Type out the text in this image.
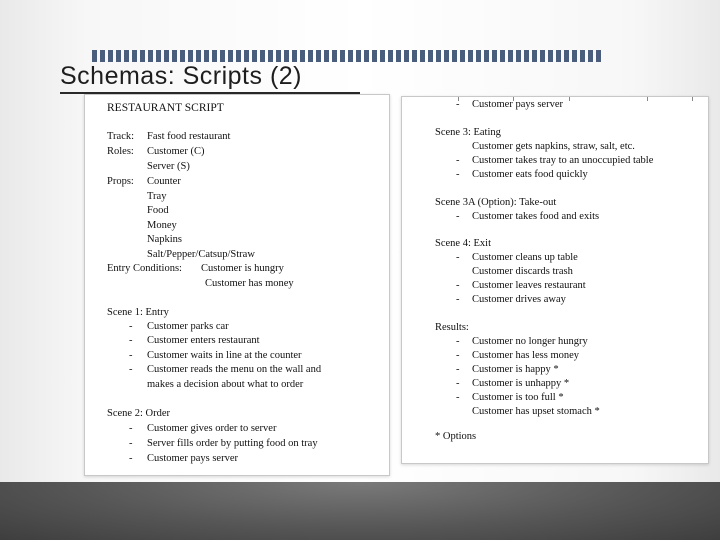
Schemas: Scripts (2)
RESTAURANT SCRIPT
Track: Fast food restaurant
Roles: Customer (C)
Server (S)
Props: Counter
Tray
Food
Money
Napkins
Salt/Pepper/Catsup/Straw
Entry Conditions: Customer is hungry
Customer has money
Scene 1: Entry
- Customer parks car
- Customer enters restaurant
- Customer waits in line at the counter
- Customer reads the menu on the wall and
makes a decision about what to order
Scene 2: Order
- Customer gives order to server
- Server fills order by putting food on tray
- Customer pays server
- Customer pays server
Scene 3: Eating
Customer gets napkins, straw, salt, etc.
- Customer takes tray to an unoccupied table
- Customer eats food quickly
Scene 3A (Option): Take-out
- Customer takes food and exits
Scene 4: Exit
- Customer cleans up table
Customer discards trash
- Customer leaves restaurant
- Customer drives away
Results:
- Customer no longer hungry
- Customer has less money
- Customer is happy *
- Customer is unhappy *
- Customer is too full *
Customer has upset stomach *
* Options
